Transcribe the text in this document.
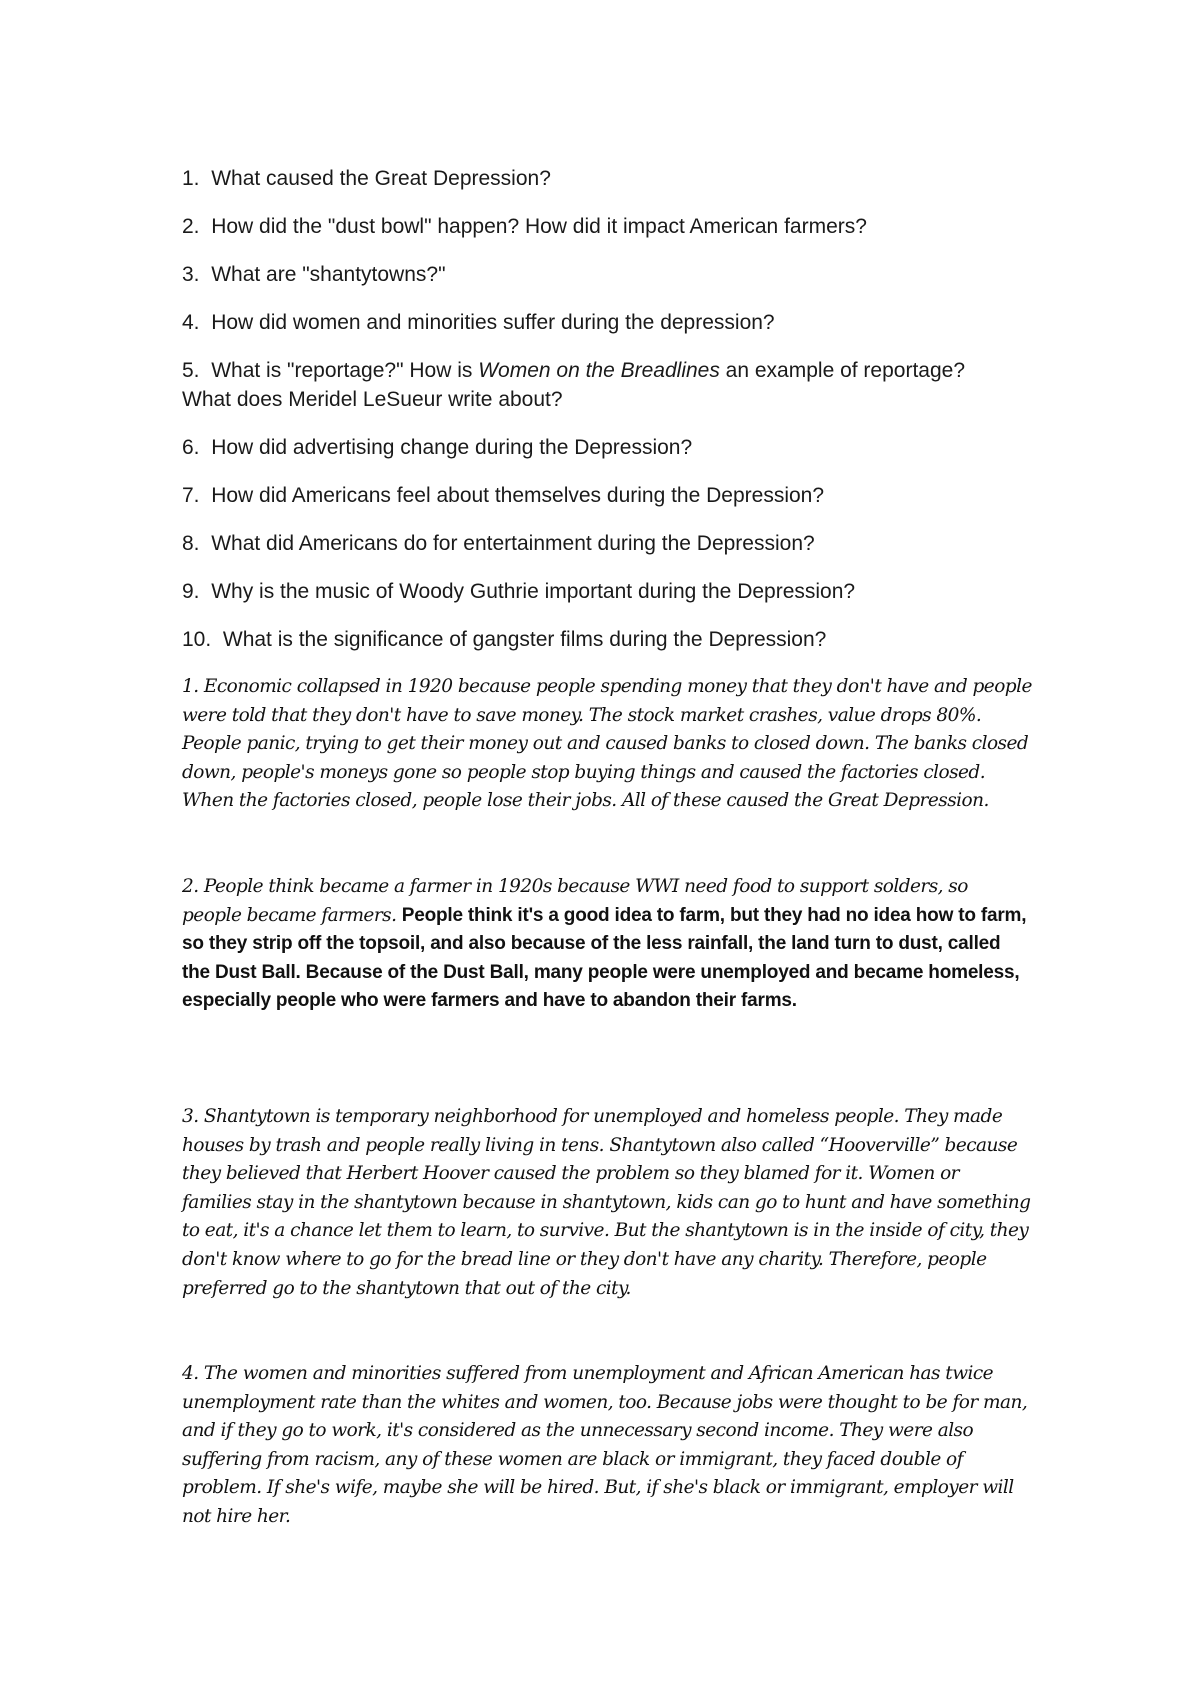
1. What caused the Great Depression?

2. How did the "dust bowl" happen? How did it impact American farmers?

3. What are "shantytowns?"

4. How did women and minorities suffer during the depression?

5. What is "reportage?" How is Women on the Breadlines an example of reportage? What does Meridel LeSueur write about?

6. How did advertising change during the Depression?

7. How did Americans feel about themselves during the Depression?

8. What did Americans do for entertainment during the Depression?

9. Why is the music of Woody Guthrie important during the Depression?

10. What is the significance of gangster films during the Depression?

1. Economic collapsed in 1920 because people spending money that they don't have and people were told that they don't have to save money. The stock market crashes, value drops 80%. People panic, trying to get their money out and caused banks to closed down. The banks closed down, people's moneys gone so people stop buying things and caused the factories closed. When the factories closed, people lose their jobs. All of these caused the Great Depression.

2. People think became a farmer in 1920s because WWI need food to support solders, so people became farmers. People think it's a good idea to farm, but they had no idea how to farm, so they strip off the topsoil, and also because of the less rainfall, the land turn to dust, called the Dust Ball. Because of the Dust Ball, many people were unemployed and became homeless, especially people who were farmers and have to abandon their farms.

3. Shantytown is temporary neighborhood for unemployed and homeless people. They made houses by trash and people really living in tens. Shantytown also called “Hooverville” because they believed that Herbert Hoover caused the problem so they blamed for it. Women or families stay in the shantytown because in shantytown, kids can go to hunt and have something to eat, it's a chance let them to learn, to survive. But the shantytown is in the inside of city, they don't know where to go for the bread line or they don't have any charity. Therefore, people preferred go to the shantytown that out of the city.

4. The women and minorities suffered from unemployment and African American has twice unemployment rate than the whites and women, too. Because jobs were thought to be for man, and if they go to work, it's considered as the unnecessary second income. They were also suffering from racism, any of these women are black or immigrant, they faced double of problem. If she's wife, maybe she will be hired. But, if she's black or immigrant, employer will not hire her.
